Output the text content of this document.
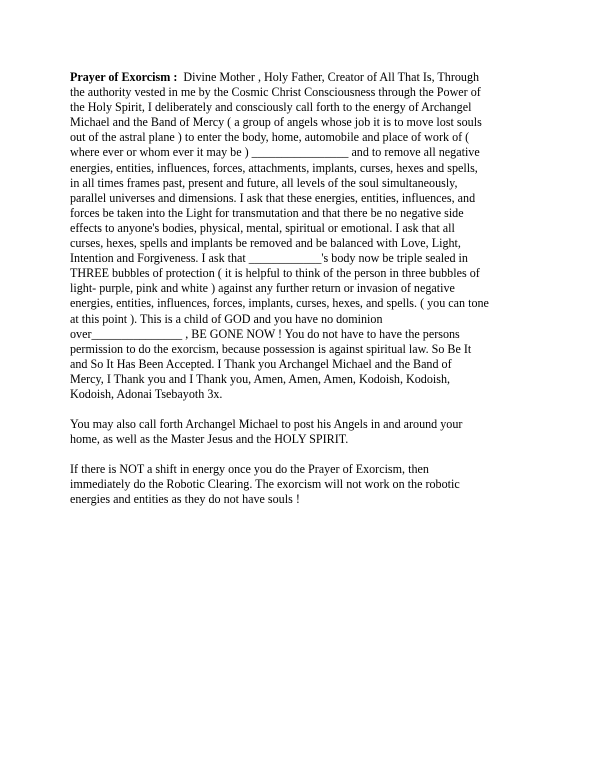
Prayer of Exorcism : Divine Mother , Holy Father, Creator of All That Is, Through
the authority vested in me by the Cosmic Christ Consciousness through the Power of
the Holy Spirit, I deliberately and consciously call forth to the energy of Archangel
Michael and the Band of Mercy ( a group of angels whose job it is to move lost souls
out of the astral plane ) to enter the body, home, automobile and place of work of (
where ever or whom ever it may be ) ________________ and to remove all negative
energies, entities, influences, forces, attachments, implants, curses, hexes and spells,
in all times frames past, present and future, all levels of the soul simultaneously,
parallel universes and dimensions. I ask that these energies, entities, influences, and
forces be taken into the Light for transmutation and that there be no negative side
effects to anyone's bodies, physical, mental, spiritual or emotional. I ask that all
curses, hexes, spells and implants be removed and be balanced with Love, Light,
Intention and Forgiveness. I ask that ____________'s body now be triple sealed in
THREE bubbles of protection ( it is helpful to think of the person in three bubbles of
light- purple, pink and white ) against any further return or invasion of negative
energies, entities, influences, forces, implants, curses, hexes, and spells. ( you can tone
at this point ). This is a child of GOD and you have no dominion
over_______________ , BE GONE NOW ! You do not have to have the persons
permission to do the exorcism, because possession is against spiritual law. So Be It
and So It Has Been Accepted. I Thank you Archangel Michael and the Band of
Mercy, I Thank you and I Thank you, Amen, Amen, Amen, Kodoish, Kodoish,
Kodoish, Adonai Tsebayoth 3x.
You may also call forth Archangel Michael to post his Angels in and around your
home, as well as the Master Jesus and the HOLY SPIRIT.
If there is NOT a shift in energy once you do the Prayer of Exorcism, then
immediately do the Robotic Clearing. The exorcism will not work on the robotic
energies and entities as they do not have souls !
